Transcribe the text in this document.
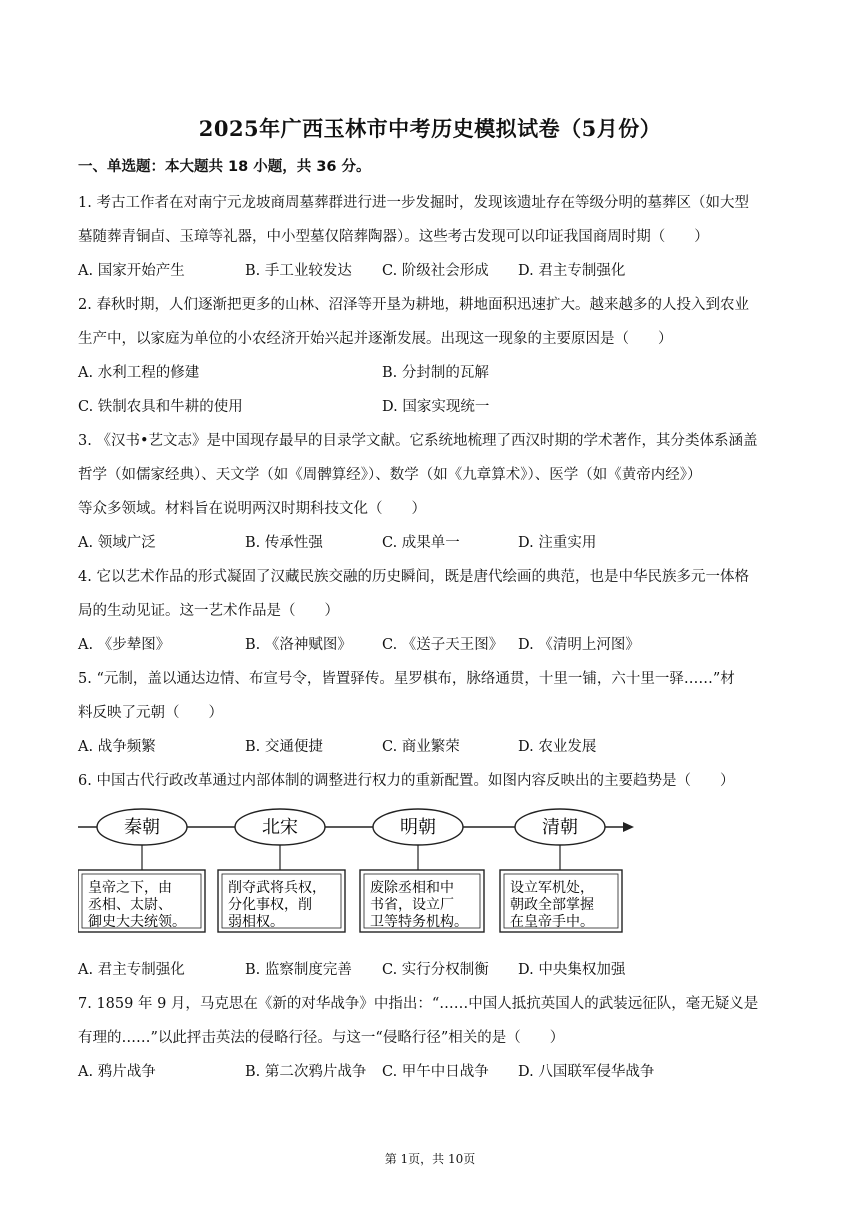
2025年广西玉林市中考历史模拟试卷（5月份）
一、单选题：本大题共 18 小题，共 36 分。
1. 考古工作者在对南宁元龙坡商周墓葬群进行进一步发掘时，发现该遗址存在等级分明的墓葬区（如大型
墓随葬青铜卣、玉璋等礼器，中小型墓仅陪葬陶器）。这些考古发现可以印证我国商周时期（　　）
A. 国家开始产生	B. 手工业较发达 C. 阶级社会形成 D. 君主专制强化
2. 春秋时期，人们逐渐把更多的山林、沼泽等开垦为耕地，耕地面积迅速扩大。越来越多的人投入到农业
生产中，以家庭为单位的小农经济开始兴起并逐渐发展。出现这一现象的主要原因是（　　）
A. 水利工程的修建	B. 分封制的瓦解
C. 铁制农具和牛耕的使用	D. 国家实现统一
3. 《汉书•艺文志》是中国现存最早的目录学文献。它系统地梳理了西汉时期的学术著作，其分类体系涵盖
哲学（如儒家经典）、天文学（如《周髀算经》）、数学（如《九章算术》）、医学（如《黄帝内经》）
等众多领域。材料旨在说明两汉时期科技文化（　　）
A. 领域广泛	B. 传承性强	C. 成果单一	D. 注重实用
4. 它以艺术作品的形式凝固了汉藏民族交融的历史瞬间，既是唐代绘画的典范，也是中华民族多元一体格
局的生动见证。这一艺术作品是（　　）
A. 《步辇图》	B. 《洛神赋图》 C. 《送子天王图》 D. 《清明上河图》
5. “元制，盖以通达边情、布宣号令，皆置驿传。星罗棋布，脉络通贯，十里一铺，六十里一驿……”材
料反映了元朝（　　）
A. 战争频繁	B. 交通便捷	C. 商业繁荣	D. 农业发展
6. 中国古代行政改革通过内部体制的调整进行权力的重新配置。如图内容反映出的主要趋势是（　　）
秦朝
皇帝之下，由
丞相、太尉、
御史大夫统领。
北宋
削夺武将兵权，
分化事权，削
弱相权。
明朝
废除丞相和中
书省，设立厂
卫等特务机构。
清朝
设立军机处，
朝政全部掌握
在皇帝手中。
A. 君主专制强化	B. 监察制度完善 C. 实行分权制衡 D. 中央集权加强
7. 1859 年 9 月，马克思在《新的对华战争》中指出：“……中国人抵抗英国人的武装远征队，毫无疑义是
有理的……”以此抨击英法的侵略行径。与这一“侵略行径”相关的是（　　）
A. 鸦片战争	B. 第二次鸦片战争 C. 甲午中日战争 D. 八国联军侵华战争
第 1页，共 10页
